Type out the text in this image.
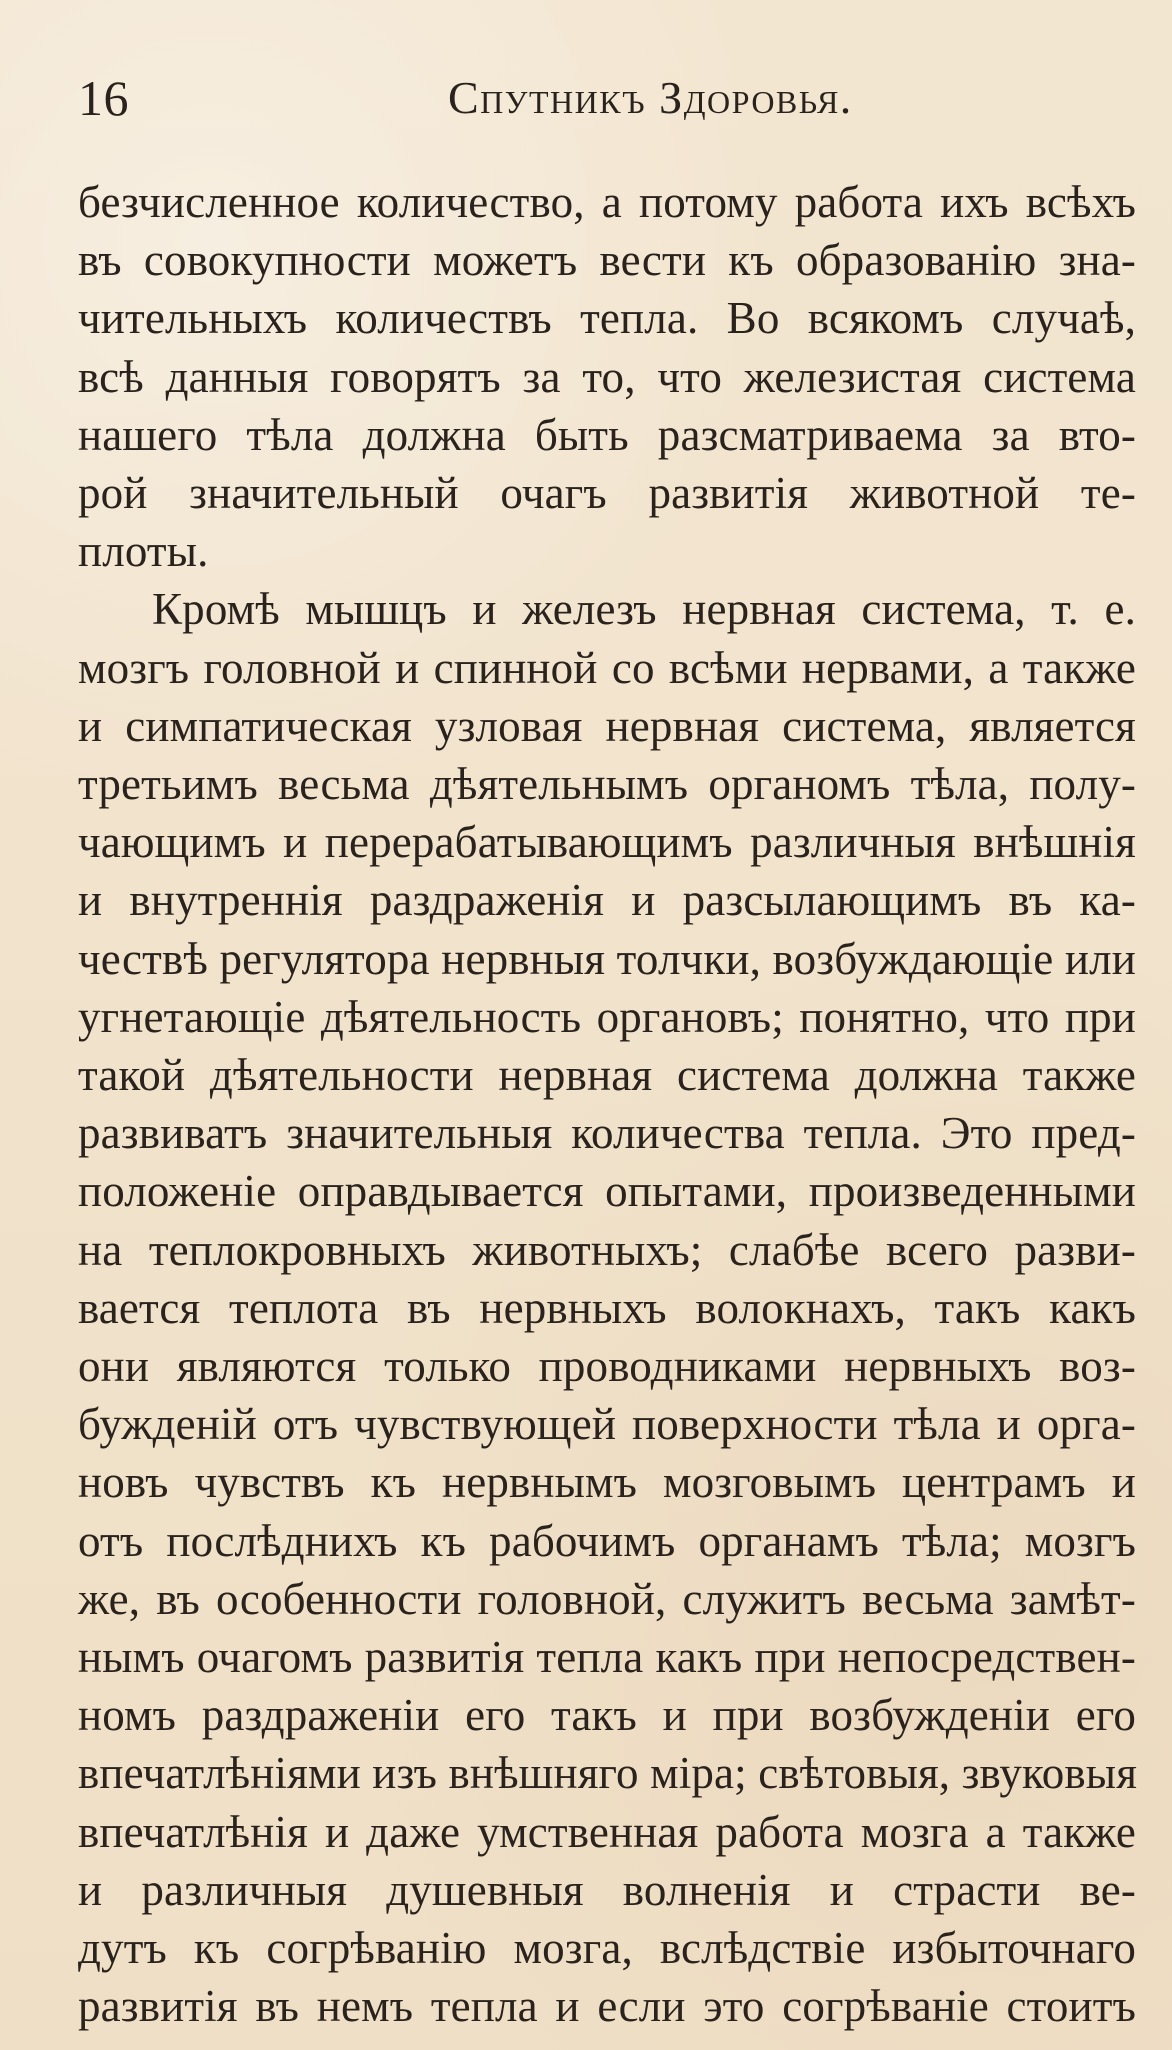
16	Спутникъ Здоровья.

безчисленное количество, а потому работа ихъ всѣхъ
въ совокупности можетъ вести къ образованію зна-
чительныхъ количествъ тепла. Во всякомъ случаѣ,
всѣ данныя говорятъ за то, что железистая система
нашего тѣла должна быть разсматриваема за вто-
рой значительный очагъ развитія животной те-
плоты.

Кромѣ мышцъ и железъ нервная система, т. е.
мозгъ головной и спинной со всѣми нервами, а также
и симпатическая узловая нервная система, является
третьимъ весьма дѣятельнымъ органомъ тѣла, полу-
чающимъ и перерабатывающимъ различныя внѣшнія
и внутреннія раздраженія и разсылающимъ въ ка-
чествѣ регулятора нервныя толчки, возбуждающіе или
угнетающіе дѣятельность органовъ; понятно, что при
такой дѣятельности нервная система должна также
развиватъ значительныя количества тепла. Это пред-
положеніе оправдывается опытами, произведенными
на теплокровныхъ животныхъ; слабѣе всего разви-
вается теплота въ нервныхъ волокнахъ, такъ какъ
они являются только проводниками нервныхъ воз-
бужденій отъ чувствующей поверхности тѣла и орга-
новъ чувствъ къ нервнымъ мозговымъ центрамъ и
отъ послѣднихъ къ рабочимъ органамъ тѣла; мозгъ
же, въ особенности головной, служитъ весьма замѣт-
нымъ очагомъ развитія тепла какъ при непосредствен-
номъ раздраженіи его такъ и при возбужденіи его
впечатлѣніями изъ внѣшняго міра; свѣтовыя, звуковыя
впечатлѣнія и даже умственная работа мозга а также
и различныя душевныя волненія и страсти ве-
дутъ къ согрѣванію мозга, вслѣдствіе избыточнаго
развитія въ немъ тепла и если это согрѣваніе стоитъ
